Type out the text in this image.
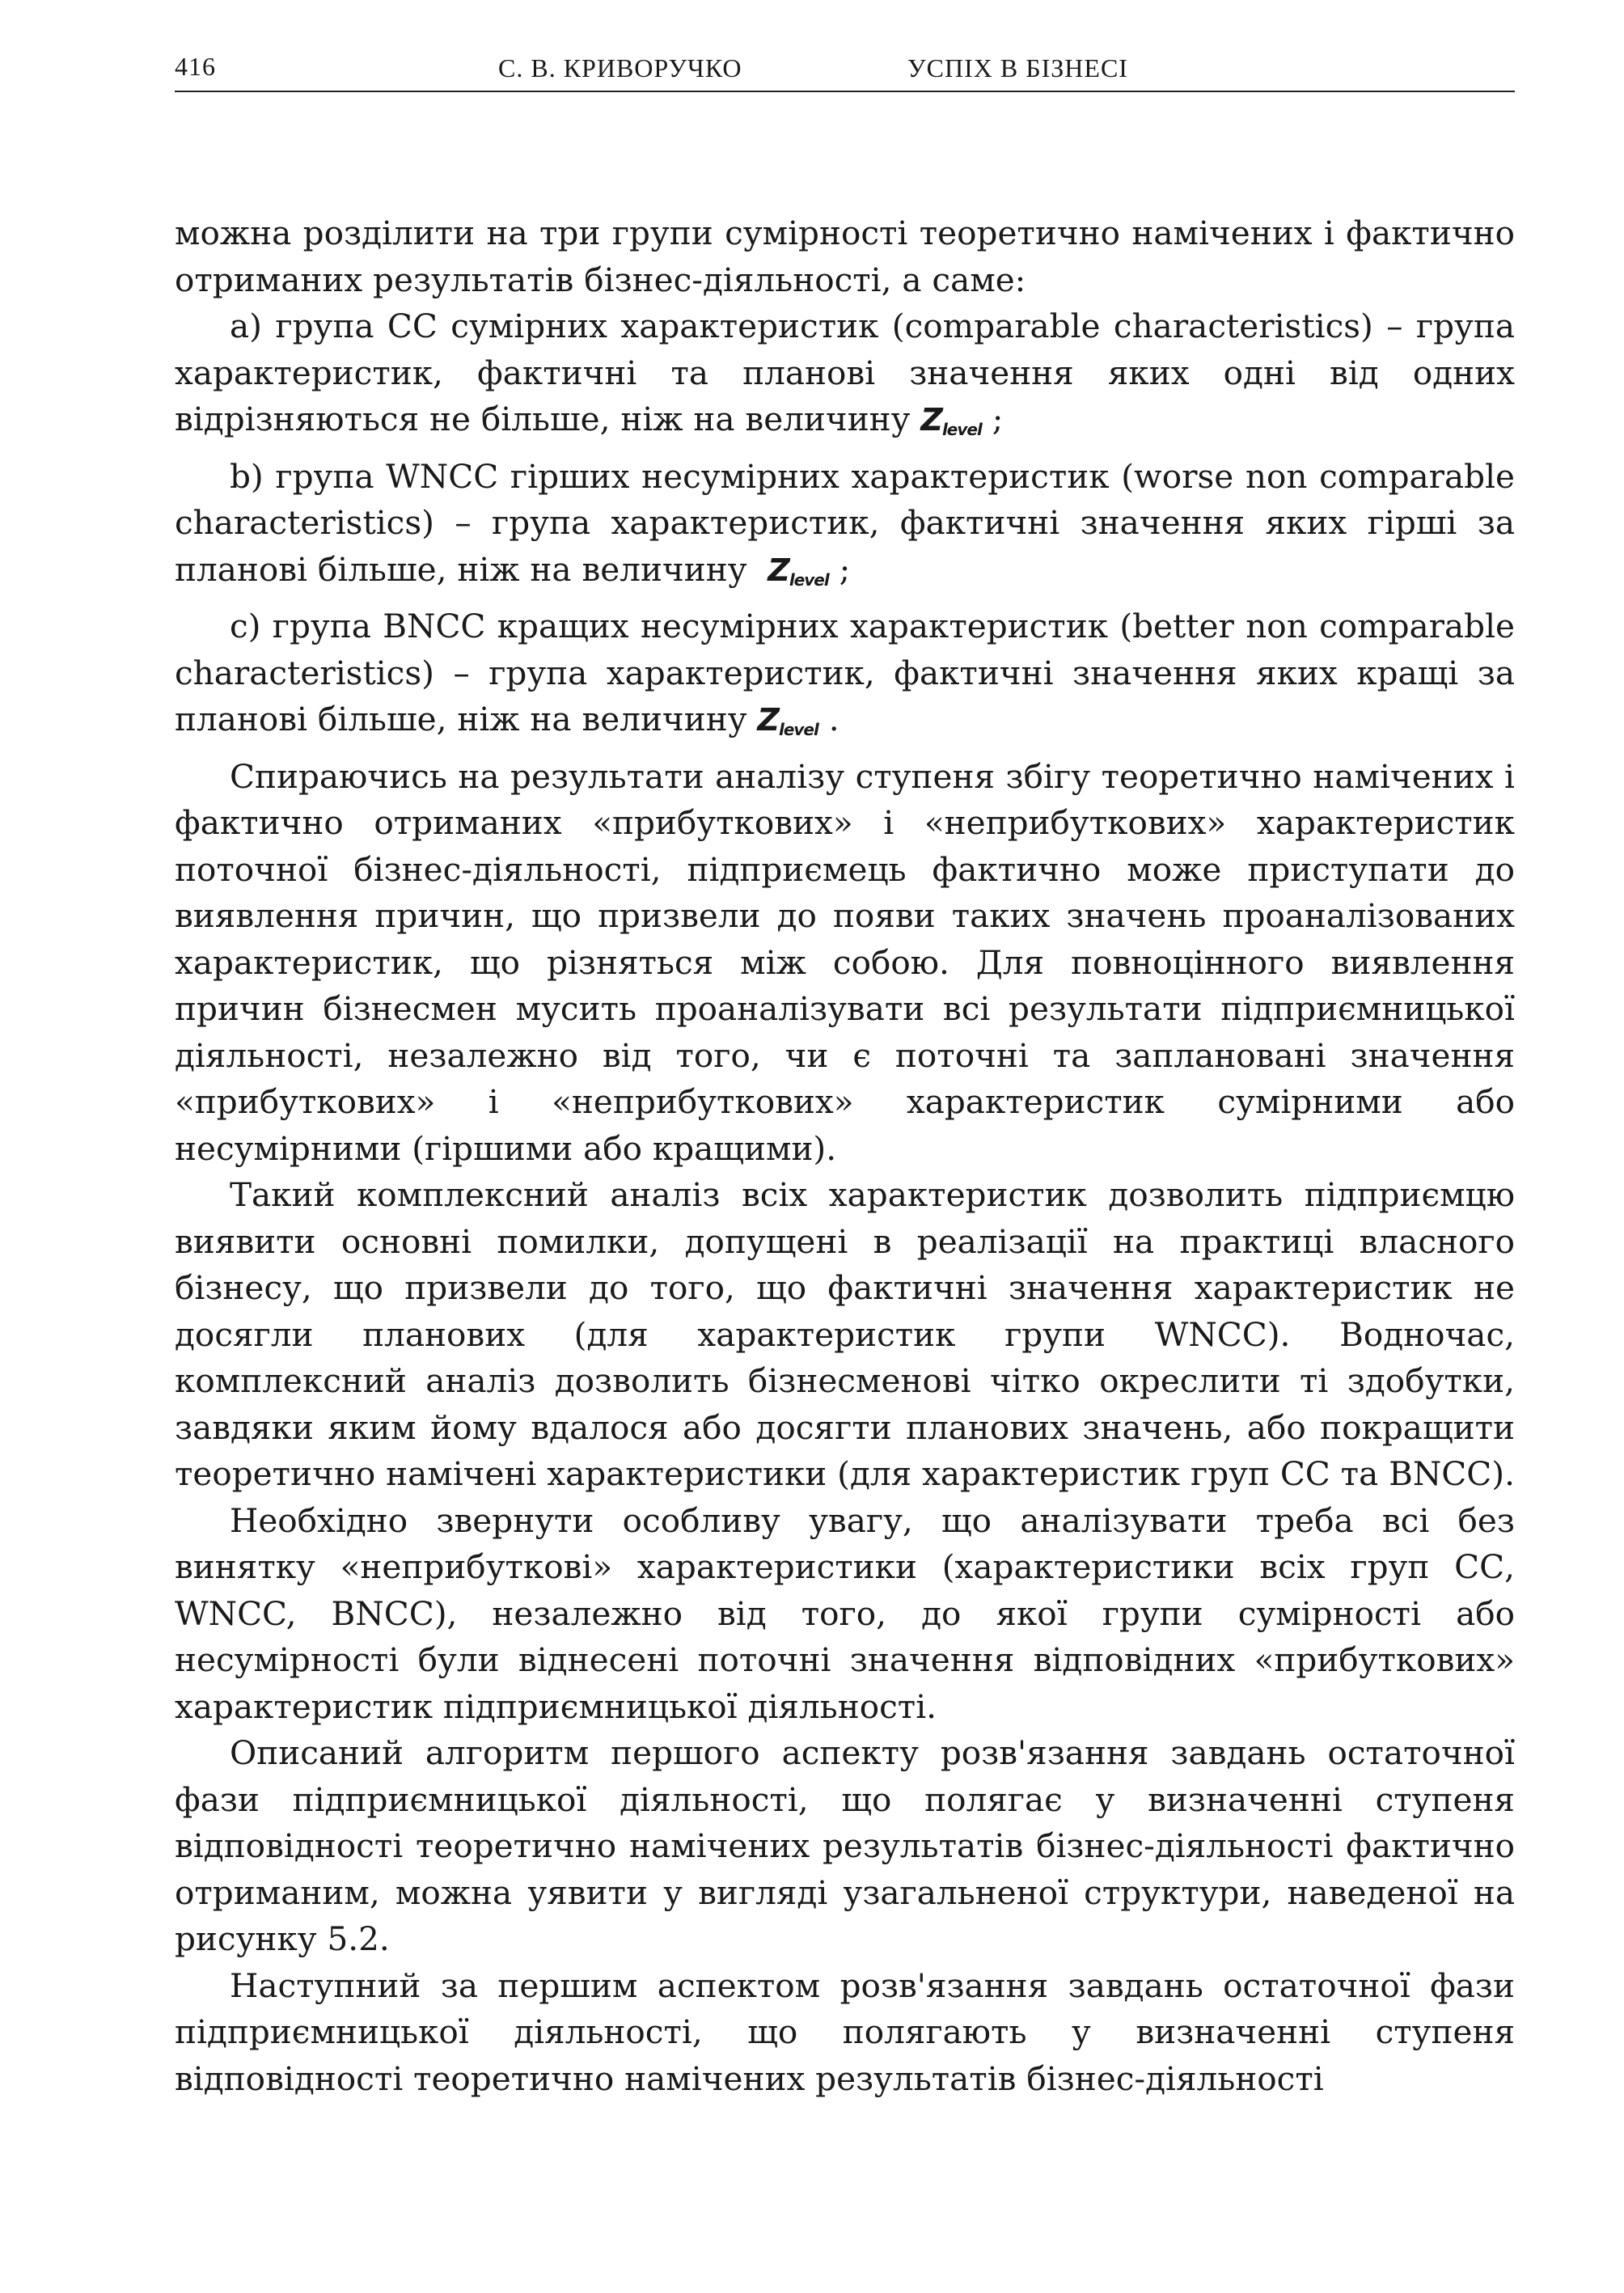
416	С. В. КРИВОРУЧКО	УСПІХ В БІЗНЕСІ

можна розділити на три групи сумірності теоретично намічених і фактично отриманих результатів бізнес-діяльності, а саме:

а) група СС сумірних характеристик (comparable characteristics) – група характеристик, фактичні та планові значення яких одні від одних відрізняються не більше, ніж на величину $Z_{level}$ ;

b) група WNCC гірших несумірних характеристик (worse non comparable characteristics) – група характеристик, фактичні значення яких гірші за планові більше, ніж на величину $Z_{level}$ ;

c) група BNCC кращих несумірних характеристик (better non comparable characteristics) – група характеристик, фактичні значення яких кращі за планові більше, ніж на величину $Z_{level}$ .

Спираючись на результати аналізу ступеня збігу теоретично намічених і фактично отриманих «прибуткових» і «неприбуткових» характеристик поточної бізнес-діяльності, підприємець фактично може приступати до виявлення причин, що призвели до появи таких значень проаналізованих характеристик, що різняться між собою. Для повноцінного виявлення причин бізнесмен мусить проаналізувати всі результати підприємницької діяльності, незалежно від того, чи є поточні та заплановані значення «прибуткових» і «неприбуткових» характеристик сумірними або несумірними (гіршими або кращими).

Такий комплексний аналіз всіх характеристик дозволить підприємцю виявити основні помилки, допущені в реалізації на практиці власного бізнесу, що призвели до того, що фактичні значення характеристик не досягли планових (для характеристик групи WNCC). Водночас, комплексний аналіз дозволить бізнесменові чітко окреслити ті здобутки, завдяки яким йому вдалося або досягти планових значень, або покращити теоретично намічені характеристики (для характеристик груп СС та BNCC).

Необхідно звернути особливу увагу, що аналізувати треба всі без винятку «неприбуткові» характеристики (характеристики всіх груп СС, WNCC, BNCC), незалежно від того, до якої групи сумірності або несумірності були віднесені поточні значення відповідних «прибуткових» характеристик підприємницької діяльності.

Описаний алгоритм першого аспекту розв'язання завдань остаточної фази підприємницької діяльності, що полягає у визначенні ступеня відповідності теоретично намічених результатів бізнес-діяльності фактично отриманим, можна уявити у вигляді узагальненої структури, наведеної на рисунку 5.2.

Наступний за першим аспектом розв'язання завдань остаточної фази підприємницької діяльності, що полягають у визначенні ступеня відповідності теоретично намічених результатів бізнес-діяльності
